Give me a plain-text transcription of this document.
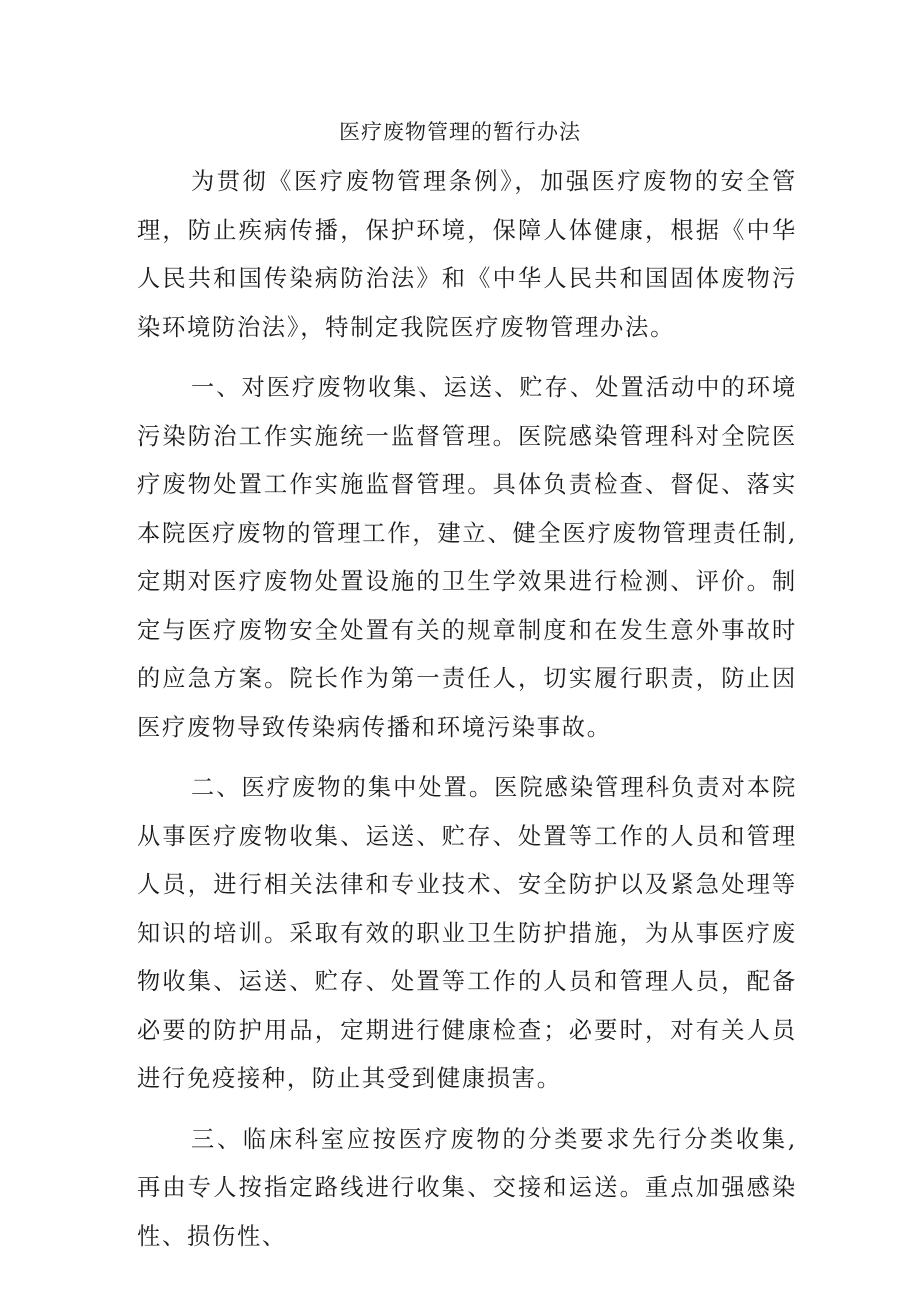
医疗废物管理的暂行办法

为贯彻《医疗废物管理条例》，加强医疗废物的安全管理，防止疾病传播，保护环境，保障人体健康，根据《中华人民共和国传染病防治法》和《中华人民共和国固体废物污染环境防治法》，特制定我院医疗废物管理办法。

一、对医疗废物收集、运送、贮存、处置活动中的环境污染防治工作实施统一监督管理。医院感染管理科对全院医疗废物处置工作实施监督管理。具体负责检查、督促、落实本院医疗废物的管理工作，建立、健全医疗废物管理责任制,定期对医疗废物处置设施的卫生学效果进行检测、评价。制定与医疗废物安全处置有关的规章制度和在发生意外事故时的应急方案。院长作为第一责任人，切实履行职责，防止因医疗废物导致传染病传播和环境污染事故。

二、医疗废物的集中处置。医院感染管理科负责对本院从事医疗废物收集、运送、贮存、处置等工作的人员和管理人员，进行相关法律和专业技术、安全防护以及紧急处理等知识的培训。采取有效的职业卫生防护措施，为从事医疗废物收集、运送、贮存、处置等工作的人员和管理人员，配备必要的防护用品，定期进行健康检查；必要时，对有关人员进行免疫接种，防止其受到健康损害。

三、临床科室应按医疗废物的分类要求先行分类收集,再由专人按指定路线进行收集、交接和运送。重点加强感染性、损伤性、
